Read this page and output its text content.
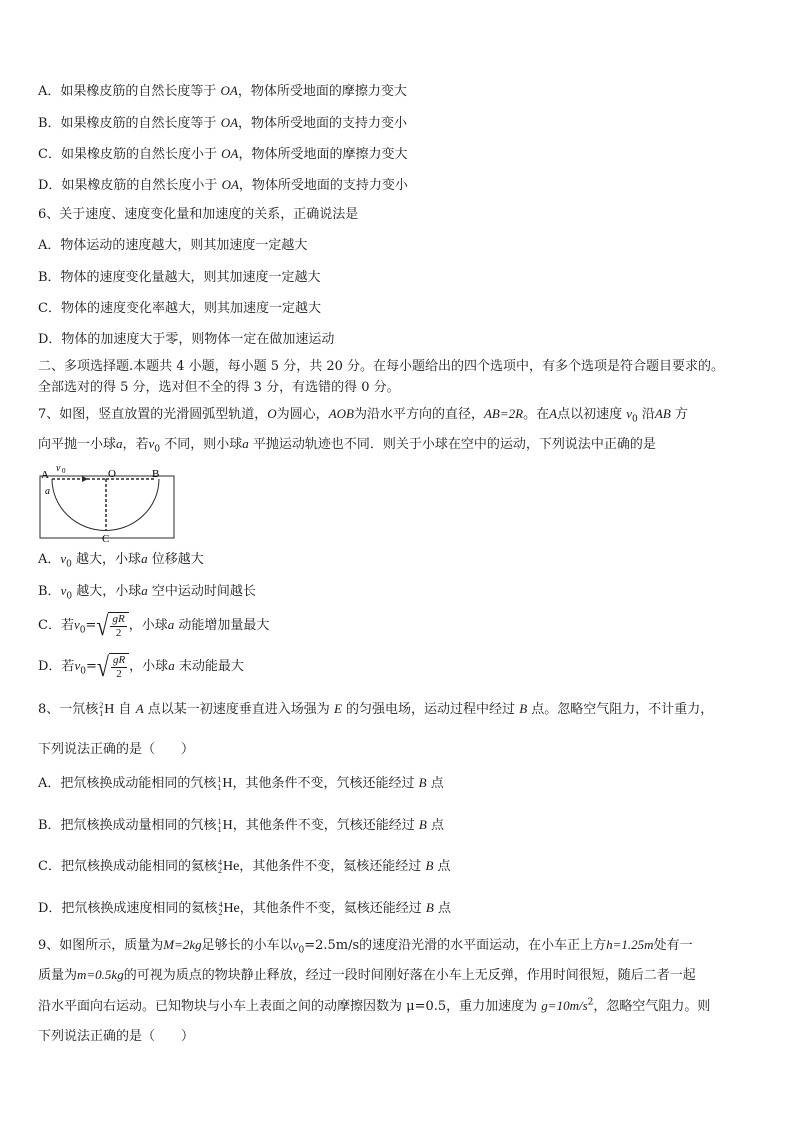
A．如果橡皮筋的自然长度等于 OA，物体所受地面的摩擦力变大
B．如果橡皮筋的自然长度等于 OA，物体所受地面的支持力变小
C．如果橡皮筋的自然长度小于 OA，物体所受地面的摩擦力变大
D．如果橡皮筋的自然长度小于 OA，物体所受地面的支持力变小
6、关于速度、速度变化量和加速度的关系，正确说法是
A．物体运动的速度越大，则其加速度一定越大
B．物体的速度变化量越大，则其加速度一定越大
C．物体的速度变化率越大，则其加速度一定越大
D．物体的加速度大于零，则物体一定在做加速运动
二、多项选择题.本题共 4 小题，每小题 5 分，共 20 分。在每小题给出的四个选项中，有多个选项是符合题目要求的。
全部选对的得 5 分，选对但不全的得 3 分，有选错的得 0 分。
7、如图，竖直放置的光滑圆弧型轨道，O为圆心，AOB为沿水平方向的直径，AB=2R。在A点以初速度 $v_0$ 沿AB 方
向平抛一小球a，若$v_0$ 不同，则小球a 平抛运动轨迹也不同．则关于小球在空中的运动，下列说法中正确的是
A
v 0	O	B
a
C
A．$v_0$ 越大，小球a 位移越大
B．$v_0$ 越大，小球a 空中运动时间越长
C．若$v_0=$ √ $\frac{gR}{2}$ ，小球a 动能增加量最大
D．若$v_0=$ √ $\frac{gR}{2}$ ，小球a 末动能最大
8、一氘核 2
1 H 自 A 点以某一初速度垂直进入场强为 E 的匀强电场，运动过程中经过 B 点。忽略空气阻力，不计重力，
下列说法正确的是（　　）
A．把氘核换成动能相同的氕核 1
1 H ，其他条件不变，氕核还能经过 B 点
B．把氘核换成动量相同的氕核 1
1 H ，其他条件不变，氕核还能经过 B 点
C．把氘核换成动能相同的氦核 4
2 He ，其他条件不变，氦核还能经过 B 点
D．把氘核换成速度相同的氦核 4
2 He ，其他条件不变，氦核还能经过 B 点
9、如图所示，质量为M=2kg足够长的小车以$v_0=2.5m/s$的速度沿光滑的水平面运动，在小车正上方h=1.25m处有一
质量为m=0.5kg的可视为质点的物块静止释放，经过一段时间刚好落在小车上无反弹，作用时间很短，随后二者一起
沿水平面向右运动。已知物块与小车上表面之间的动摩擦因数为 μ=0.5，重力加速度为 $g=10m/s^2$，忽略空气阻力。则
下列说法正确的是（　　）
